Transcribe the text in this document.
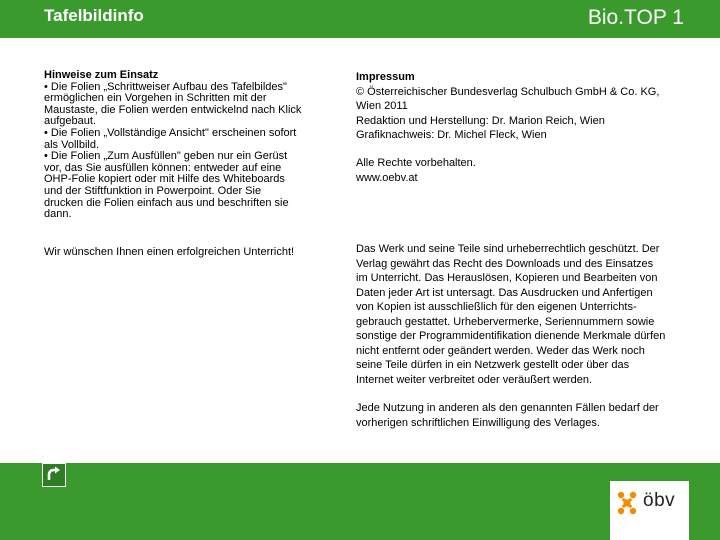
Tafelbildinfo	Bio.TOP 1
Hinweise zum Einsatz
• Die Folien „Schrittweiser Aufbau des Tafelbildes"
ermöglichen ein Vorgehen in Schritten mit der
Maustaste, die Folien werden entwickelnd nach Klick
aufgebaut.
• Die Folien „Vollständige Ansicht" erscheinen sofort
als Vollbild.
• Die Folien „Zum Ausfüllen" geben nur ein Gerüst
vor, das Sie ausfüllen können: entweder auf eine
OHP-Folie kopiert oder mit Hilfe des Whiteboards
und der Stiftfunktion in Powerpoint. Oder Sie
drucken die Folien einfach aus und beschriften sie
dann.
Wir wünschen Ihnen einen erfolgreichen Unterricht!
Impressum
© Österreichischer Bundesverlag Schulbuch GmbH & Co. KG,
Wien 2011
Redaktion und Herstellung: Dr. Marion Reich, Wien
Grafiknachweis: Dr. Michel Fleck, Wien
Alle Rechte vorbehalten.
www.oebv.at
Das Werk und seine Teile sind urheberrechtlich geschützt. Der
Verlag gewährt das Recht des Downloads und des Einsatzes
im Unterricht. Das Herauslösen, Kopieren und Bearbeiten von
Daten jeder Art ist untersagt. Das Ausdrucken und Anfertigen
von Kopien ist ausschließlich für den eigenen Unterrichts-
gebrauch gestattet. Urhebervermerke, Seriennummern sowie
sonstige der Programmidentifikation dienende Merkmale dürfen
nicht entfernt oder geändert werden. Weder das Werk noch
seine Teile dürfen in ein Netzwerk gestellt oder über das
Internet weiter verbreitet oder veräußert werden.
Jede Nutzung in anderen als den genannten Fällen bedarf der
vorherigen schriftlichen Einwilligung des Verlages.
öbv
